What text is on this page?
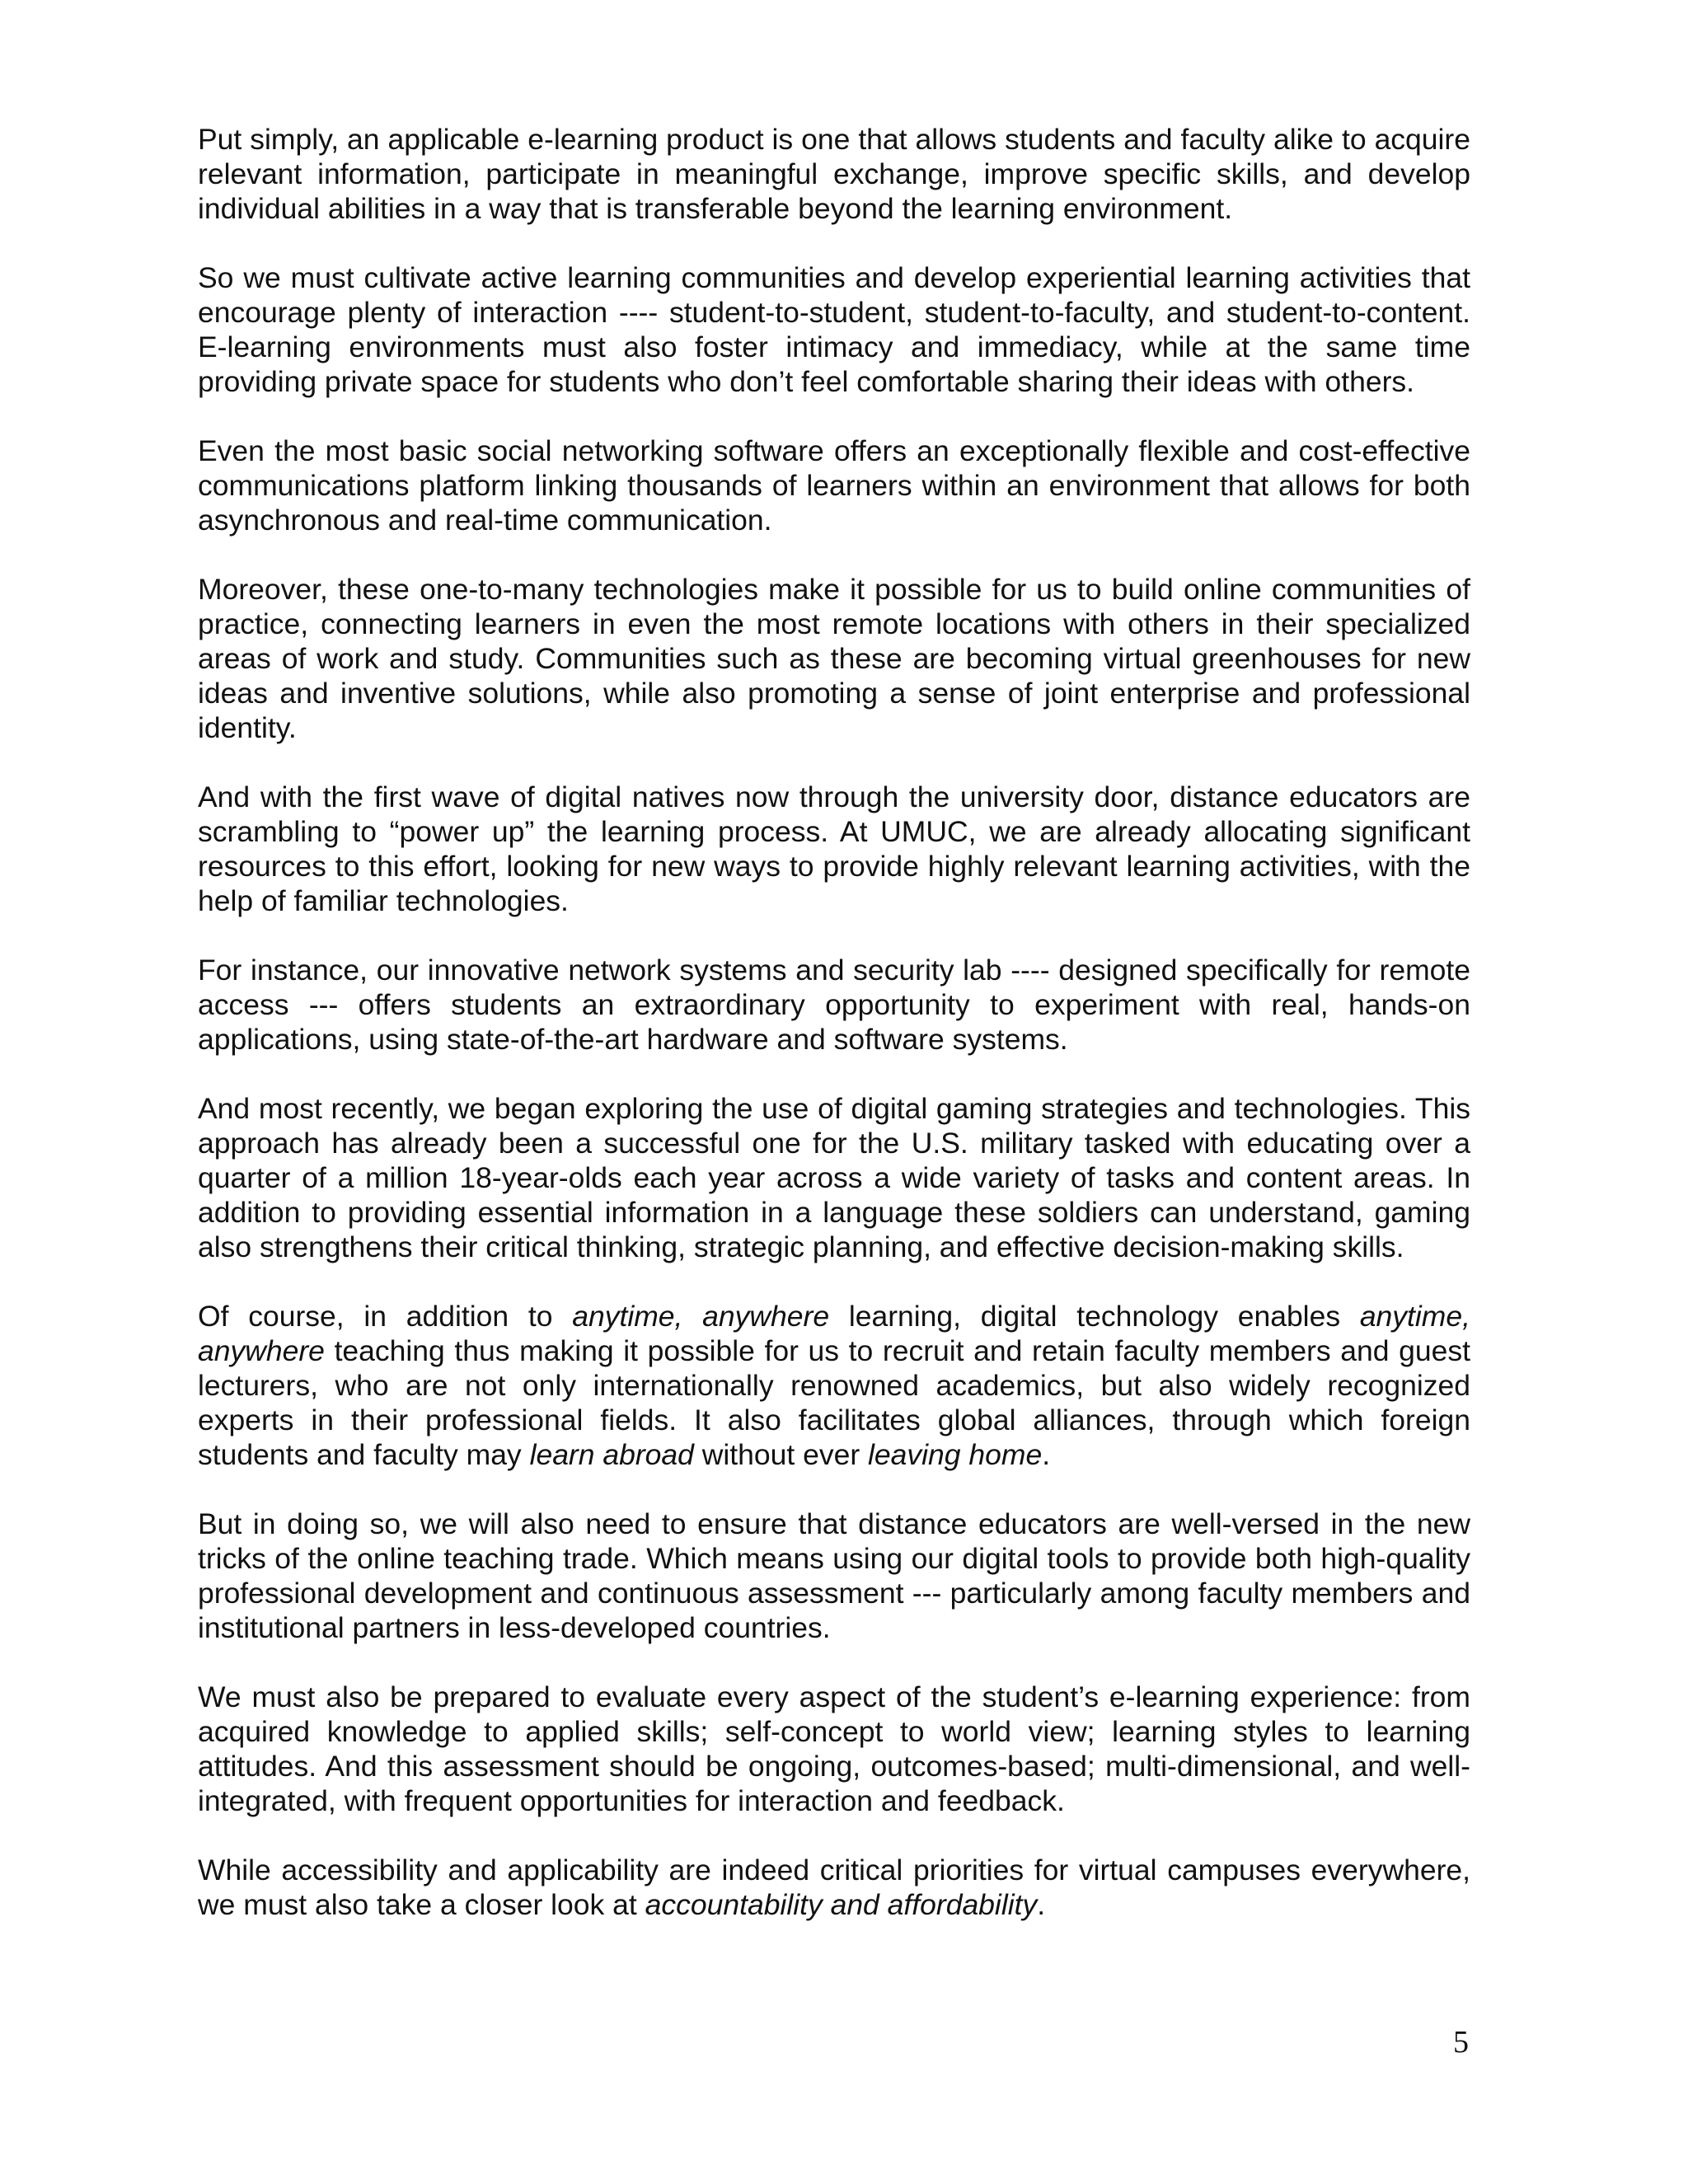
Put simply, an applicable e-learning product is one that allows students and faculty alike to acquire relevant information, participate in meaningful exchange, improve specific skills, and develop individual abilities in a way that is transferable beyond the learning environment.

So we must cultivate active learning communities and develop experiential learning activities that encourage plenty of interaction ---- student-to-student, student-to-faculty, and student-to-content. E-learning environments must also foster intimacy and immediacy, while at the same time providing private space for students who don’t feel comfortable sharing their ideas with others.

Even the most basic social networking software offers an exceptionally flexible and cost-effective communications platform linking thousands of learners within an environment that allows for both asynchronous and real-time communication.

Moreover, these one-to-many technologies make it possible for us to build online communities of practice, connecting learners in even the most remote locations with others in their specialized areas of work and study. Communities such as these are becoming virtual greenhouses for new ideas and inventive solutions, while also promoting a sense of joint enterprise and professional identity.

And with the first wave of digital natives now through the university door, distance educators are scrambling to “power up” the learning process. At UMUC, we are already allocating significant resources to this effort, looking for new ways to provide highly relevant learning activities, with the help of familiar technologies.

For instance, our innovative network systems and security lab ---- designed specifically for remote access --- offers students an extraordinary opportunity to experiment with real, hands-on applications, using state-of-the-art hardware and software systems.

And most recently, we began exploring the use of digital gaming strategies and technologies. This approach has already been a successful one for the U.S. military tasked with educating over a quarter of a million 18-year-olds each year across a wide variety of tasks and content areas. In addition to providing essential information in a language these soldiers can understand, gaming also strengthens their critical thinking, strategic planning, and effective decision-making skills.

Of course, in addition to anytime, anywhere learning, digital technology enables anytime, anywhere teaching thus making it possible for us to recruit and retain faculty members and guest lecturers, who are not only internationally renowned academics, but also widely recognized experts in their professional fields. It also facilitates global alliances, through which foreign students and faculty may learn abroad without ever leaving home.

But in doing so, we will also need to ensure that distance educators are well-versed in the new tricks of the online teaching trade. Which means using our digital tools to provide both high-quality professional development and continuous assessment --- particularly among faculty members and institutional partners in less-developed countries.

We must also be prepared to evaluate every aspect of the student’s e-learning experience: from acquired knowledge to applied skills; self-concept to world view; learning styles to learning attitudes. And this assessment should be ongoing, outcomes-based; multi-dimensional, and well-integrated, with frequent opportunities for interaction and feedback.

While accessibility and applicability are indeed critical priorities for virtual campuses everywhere, we must also take a closer look at accountability and affordability.

5
